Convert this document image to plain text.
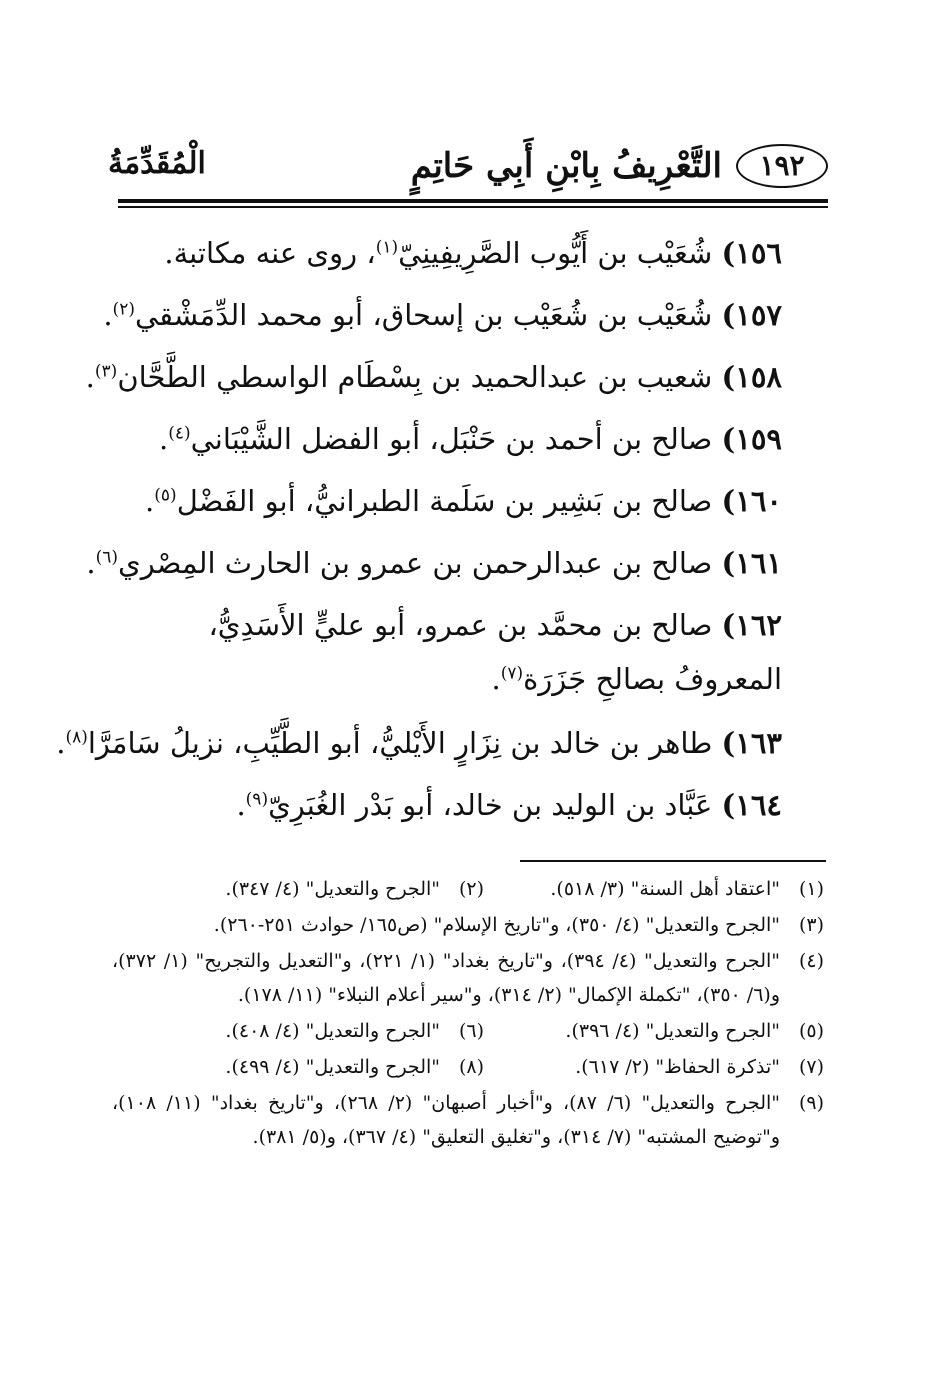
١٩٢
التَّعْرِيفُ بِابْنِ أَبِي حَاتِمٍ
الْمُقَدِّمَةُ
١٥٦) شُعَيْب بن أَيُّوب الصَّرِيفِينِيّ$^{(١)}$، روى عنه مكاتبة.
١٥٧) شُعَيْب بن شُعَيْب بن إسحاق، أبو محمد الدِّمَشْقي$^{(٢)}$.
١٥٨) شعيب بن عبدالحميد بن بِسْطَام الواسطي الطَّحَّان$^{(٣)}$.
١٥٩) صالح بن أحمد بن حَنْبَل، أبو الفضل الشَّيْبَاني$^{(٤)}$.
١٦٠) صالح بن بَشِير بن سَلَمة الطبرانيُّ، أبو الفَضْل$^{(٥)}$.
١٦١) صالح بن عبدالرحمن بن عمرو بن الحارث المِصْري$^{(٦)}$.
١٦٢) صالح بن محمَّد بن عمرو، أبو عليٍّ الأَسَدِيُّ، المعروفُ بصالحِ جَزَرَة$^{(٧)}$.
١٦٣) طاهر بن خالد بن نِزَارٍ الأَيْليُّ، أبو الطَّيِّبِ، نزيلُ سَامَرَّا$^{(٨)}$.
١٦٤) عَبَّاد بن الوليد بن خالد، أبو بَدْر الغُبَرِيّ$^{(٩)}$.
(١)
"اعتقاد أهل السنة" (٣/ ٥١٨).
(٢)
"الجرح والتعديل" (٤/ ٣٤٧).
(٣)
"الجرح والتعديل" (٤/ ٣٥٠)، و"تاريخ الإسلام" (ص١٦٥/ حوادث ٢٥١-٢٦٠).
(٤)
"الجرح والتعديل" (٤/ ٣٩٤)، و"تاريخ بغداد" (١/ ٢٢١)، و"التعديل والتجريح" (١/ ٣٧٢)، و(٦/ ٣٥٠)، "تكملة الإكمال" (٢/ ٣١٤)، و"سير أعلام النبلاء" (١١/ ١٧٨).
(٥)
"الجرح والتعديل" (٤/ ٣٩٦).
(٦)
"الجرح والتعديل" (٤/ ٤٠٨).
(٧)
"تذكرة الحفاظ" (٢/ ٦١٧).
(٨)
"الجرح والتعديل" (٤/ ٤٩٩).
(٩)
"الجرح والتعديل" (٦/ ٨٧)، و"أخبار أصبهان" (٢/ ٢٦٨)، و"تاريخ بغداد" (١١/ ١٠٨)، و"توضيح المشتبه" (٧/ ٣١٤)، و"تغليق التعليق" (٤/ ٣٦٧)، و(٥/ ٣٨١).
